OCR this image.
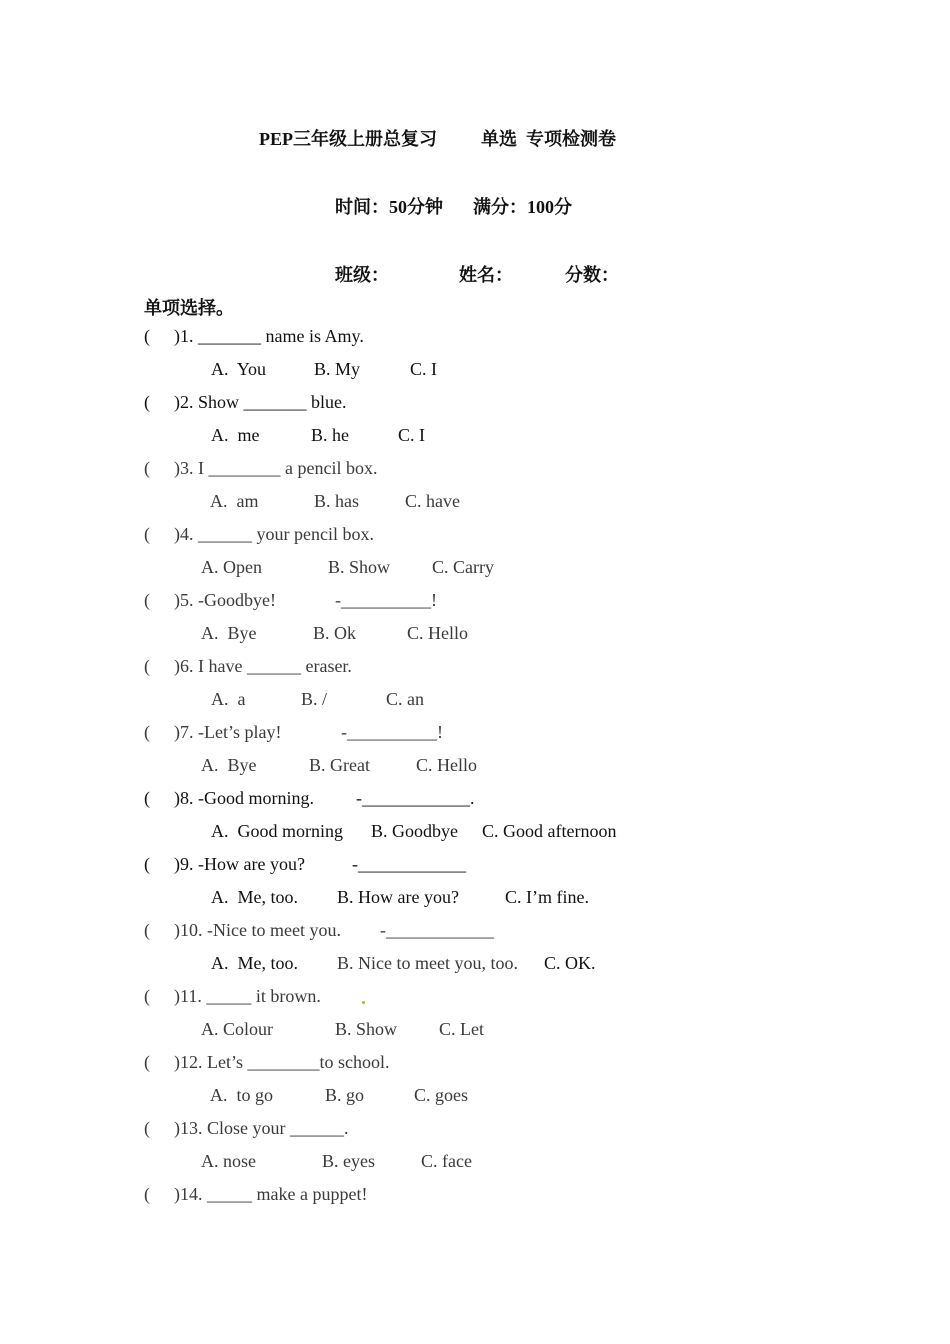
PEP三年级上册总复习 单选  专项检测卷
时间：50分钟 满分：100分
班级：	姓名：	分数：
单项选择。

(

)1. _______ name is Amy.

A.  You

	B. My

	C. I

(

)2. Show _______ blue.

A.  me

	B. he

	C. I

(

)3. I ________ a pencil box.

A.  am

	B. has

	C. have

(

)4. ______ your pencil box.

A. Open

	B. Show

C. Carry

(

)5. -Goodbye!

	-__________!

A.  Bye

	B. Ok

	C. Hello

(

)6. I have ______ eraser.

A.  a

	B. /

	C. an

(

)7. -Let’s play!

	-__________!

A.  Bye

	B. Great

	C. Hello

(

)8. -Good morning.

-____________.

A.  Good morning

B. Goodbye

C. Good afternoon

(

)9. -How are you?

	-____________

A.  Me, too.

B. How are you?

	C. I’m fine.

(

)10. -Nice to meet you.

-____________

A.  Me, too.

B. Nice to meet you, too.

C. OK.

(

)11. _____ it brown.

A. Colour

	B. Show

C. Let

(

)12. Let’s ________to school.

A.  to go

	B. go

	C. goes

(

)13. Close your ______.

A. nose

	B. eyes

	C. face

(

)14. _____ make a puppet!
